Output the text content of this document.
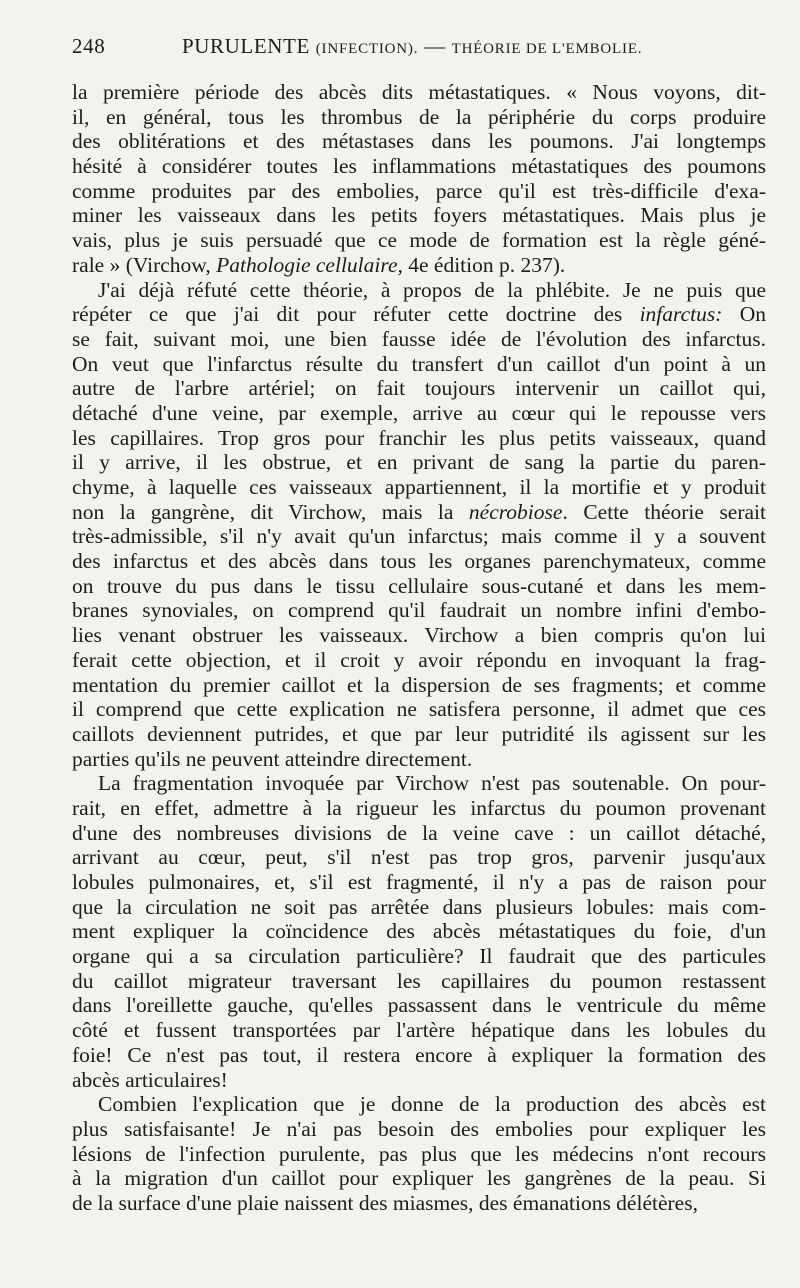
248	PURULENTE (INFECTION). — THÉORIE DE L'EMBOLIE.
la première période des abcès dits métastatiques. « Nous voyons, dit-
il, en général, tous les thrombus de la périphérie du corps produire
des oblitérations et des métastases dans les poumons. J'ai longtemps
hésité à considérer toutes les inflammations métastatiques des poumons
comme produites par des embolies, parce qu'il est très-difficile d'exa-
miner les vaisseaux dans les petits foyers métastatiques. Mais plus je
vais, plus je suis persuadé que ce mode de formation est la règle géné-
rale » (Virchow, Pathologie cellulaire, 4e édition p. 237).
J'ai déjà réfuté cette théorie, à propos de la phlébite. Je ne puis que
répéter ce que j'ai dit pour réfuter cette doctrine des infarctus: On
se fait, suivant moi, une bien fausse idée de l'évolution des infarctus.
On veut que l'infarctus résulte du transfert d'un caillot d'un point à un
autre de l'arbre artériel; on fait toujours intervenir un caillot qui,
détaché d'une veine, par exemple, arrive au cœur qui le repousse vers
les capillaires. Trop gros pour franchir les plus petits vaisseaux, quand
il y arrive, il les obstrue, et en privant de sang la partie du paren-
chyme, à laquelle ces vaisseaux appartiennent, il la mortifie et y produit
non la gangrène, dit Virchow, mais la nécrobiose. Cette théorie serait
très-admissible, s'il n'y avait qu'un infarctus; mais comme il y a souvent
des infarctus et des abcès dans tous les organes parenchymateux, comme
on trouve du pus dans le tissu cellulaire sous-cutané et dans les mem-
branes synoviales, on comprend qu'il faudrait un nombre infini d'embo-
lies venant obstruer les vaisseaux. Virchow a bien compris qu'on lui
ferait cette objection, et il croit y avoir répondu en invoquant la frag-
mentation du premier caillot et la dispersion de ses fragments; et comme
il comprend que cette explication ne satisfera personne, il admet que ces
caillots deviennent putrides, et que par leur putridité ils agissent sur les
parties qu'ils ne peuvent atteindre directement.
La fragmentation invoquée par Virchow n'est pas soutenable. On pour-
rait, en effet, admettre à la rigueur les infarctus du poumon provenant
d'une des nombreuses divisions de la veine cave : un caillot détaché,
arrivant au cœur, peut, s'il n'est pas trop gros, parvenir jusqu'aux
lobules pulmonaires, et, s'il est fragmenté, il n'y a pas de raison pour
que la circulation ne soit pas arrêtée dans plusieurs lobules: mais com-
ment expliquer la coïncidence des abcès métastatiques du foie, d'un
organe qui a sa circulation particulière? Il faudrait que des particules
du caillot migrateur traversant les capillaires du poumon restassent
dans l'oreillette gauche, qu'elles passassent dans le ventricule du même
côté et fussent transportées par l'artère hépatique dans les lobules du
foie! Ce n'est pas tout, il restera encore à expliquer la formation des
abcès articulaires!
Combien l'explication que je donne de la production des abcès est
plus satisfaisante! Je n'ai pas besoin des embolies pour expliquer les
lésions de l'infection purulente, pas plus que les médecins n'ont recours
à la migration d'un caillot pour expliquer les gangrènes de la peau. Si
de la surface d'une plaie naissent des miasmes, des émanations délétères,
